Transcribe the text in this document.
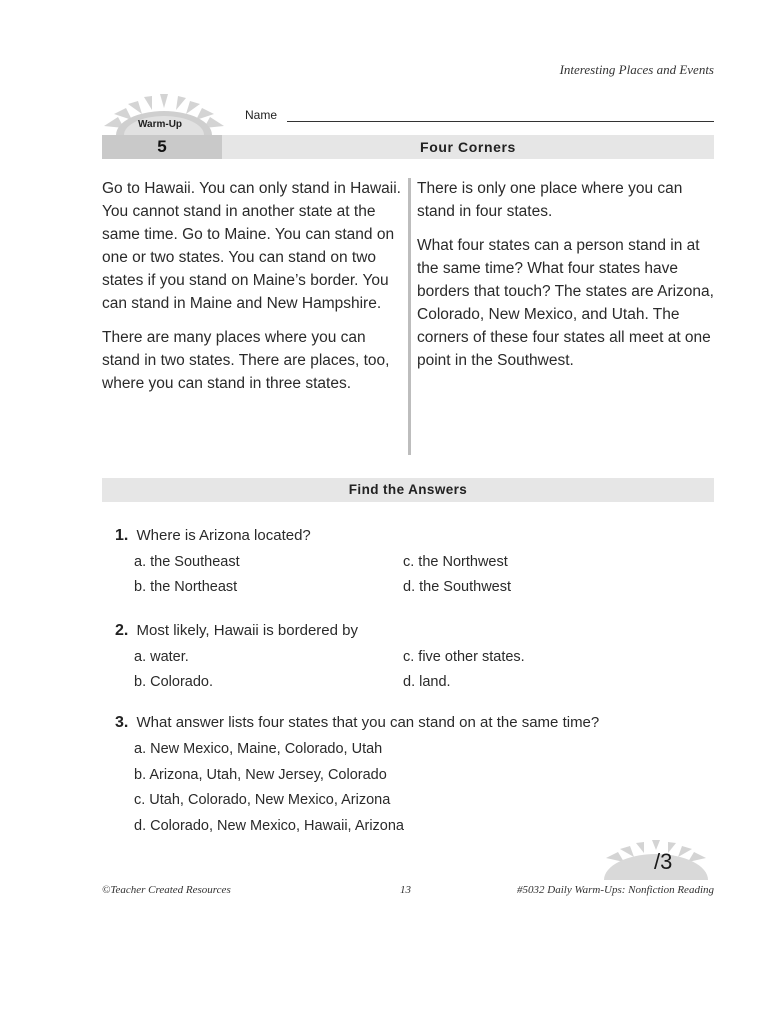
Interesting Places and Events
Warm-Up
Name
5	Four Corners

Go to Hawaii. You can only stand in Hawaii. You cannot stand in another state at the same time. Go to Maine. You can stand on one or two states. You can stand on two states if you stand on Maine’s border. You can stand in Maine and New Hampshire.

There are many places where you can stand in two states. There are places, too, where you can stand in three states.

There is only one place where you can stand in four states.

What four states can a person stand in at the same time? What four states have borders that touch? The states are Arizona, Colorado, New Mexico, and Utah. The corners of these four states all meet at one point in the Southwest.

Find the Answers
1. Where is Arizona located?
a. the Southeast
b. the Northeast
c. the Northwest
d. the Southwest
2. Most likely, Hawaii is bordered by
a. water.
b. Colorado.
c. five other states.
d. land.
3. What answer lists four states that you can stand on at the same time?
a. New Mexico, Maine, Colorado, Utah
b. Arizona, Utah, New Jersey, Colorado
c. Utah, Colorado, New Mexico, Arizona
d. Colorado, New Mexico, Hawaii, Arizona
/3
©Teacher Created Resources	13	#5032 Daily Warm-Ups: Nonfiction Reading
